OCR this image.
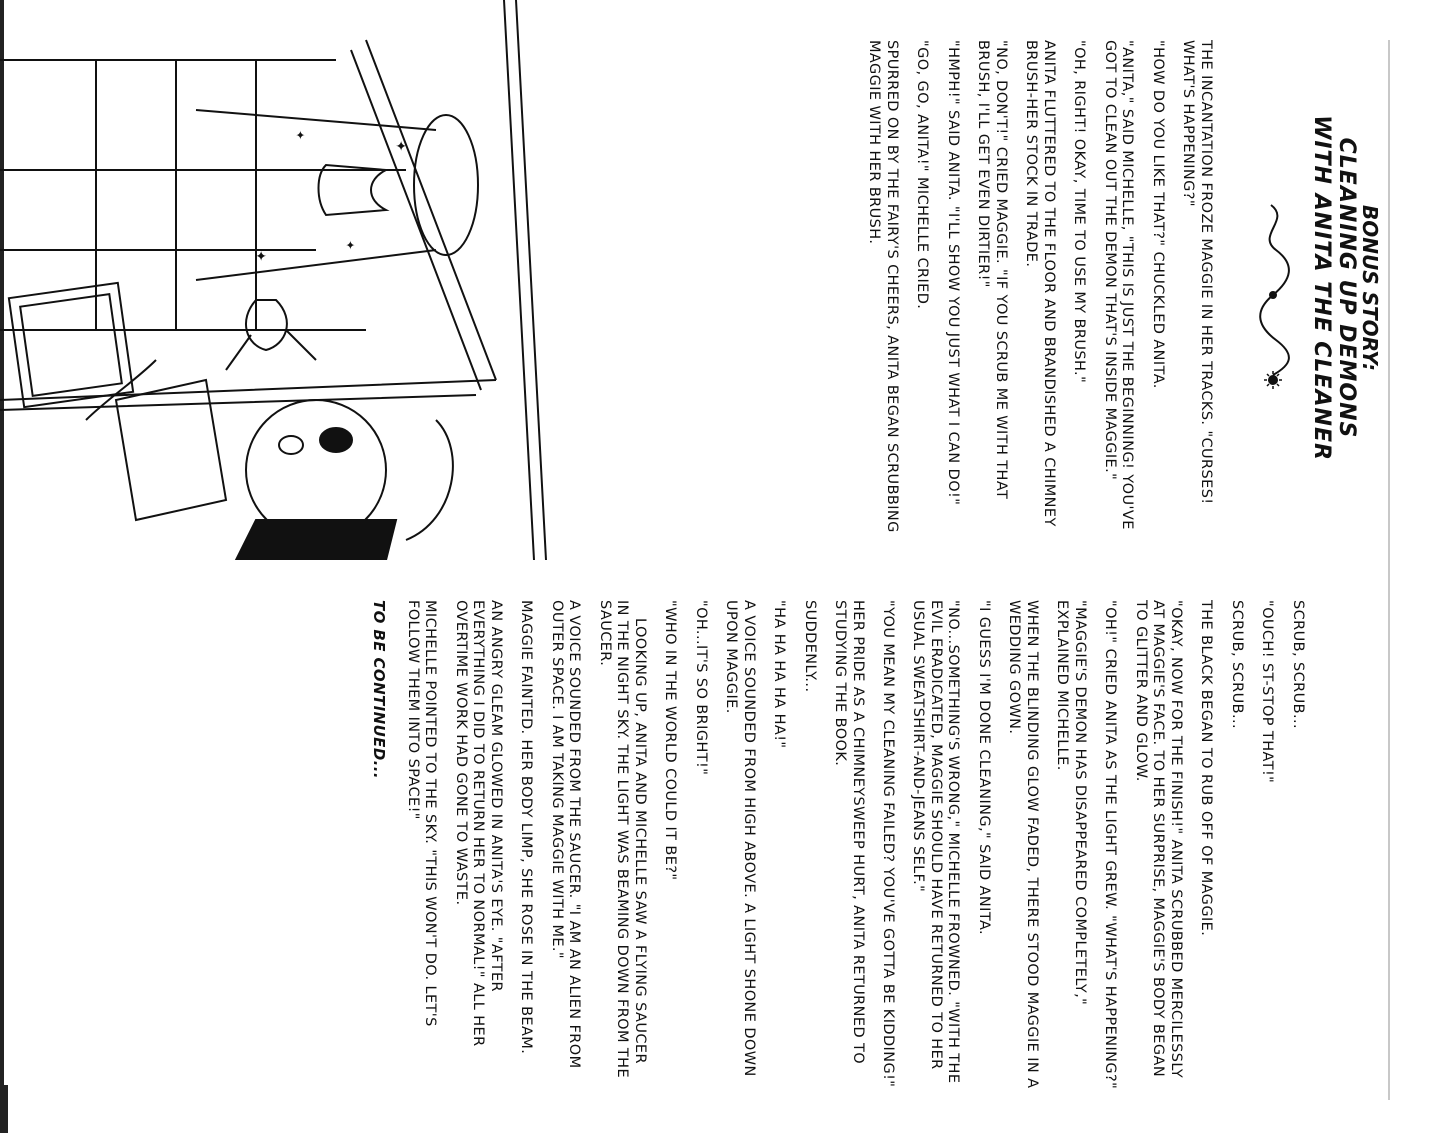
BONUS STORY:
CLEANING UP DEMONS
WITH ANITA THE CLEANER

THE INCANTATION FROZE MAGGIE IN HER TRACKS. "CURSES! WHAT'S HAPPENING?"

"HOW DO YOU LIKE THAT?" CHUCKLED ANITA.

"ANITA," SAID MICHELLE, "THIS IS JUST THE BEGINNING! YOU'VE GOT TO CLEAN OUT THE DEMON THAT'S INSIDE MAGGIE."

"OH, RIGHT! OKAY, TIME TO USE MY BRUSH."

ANITA FLUTTERED TO THE FLOOR AND BRANDISHED A CHIMNEY BRUSH-HER STOCK IN TRADE.

"NO, DON'T!" CRIED MAGGIE. "IF YOU SCRUB ME WITH THAT BRUSH, I'LL GET EVEN DIRTIER!"

"HMPH!" SAID ANITA. "I'LL SHOW YOU JUST WHAT I CAN DO!"

"GO, GO, ANITA!" MICHELLE CRIED.

SPURRED ON BY THE FAIRY'S CHEERS, ANITA BEGAN SCRUBBING MAGGIE WITH HER BRUSH.

SCRUB, SCRUB...

"OUCH! ST-STOP THAT!"

SCRUB, SCRUB...

THE BLACK BEGAN TO RUB OFF OF MAGGIE.

"OKAY, NOW FOR THE FINISH!" ANITA SCRUBBED MERCILESSLY AT MAGGIE'S FACE. TO HER SURPRISE, MAGGIE'S BODY BEGAN TO GLITTER AND GLOW.

"OH!" CRIED ANITA AS THE LIGHT GREW. "WHAT'S HAPPENING?"

"MAGGIE'S DEMON HAS DISAPPEARED COMPLETELY," EXPLAINED MICHELLE.

WHEN THE BLINDING GLOW FADED, THERE STOOD MAGGIE IN A WEDDING GOWN.

"I GUESS I'M DONE CLEANING," SAID ANITA.

"NO...SOMETHING'S WRONG," MICHELLE FROWNED. "WITH THE EVIL ERADICATED, MAGGIE SHOULD HAVE RETURNED TO HER USUAL SWEATSHIRT-AND-JEANS SELF."

"YOU MEAN MY CLEANING FAILED? YOU'VE GOTTA BE KIDDING!"

HER PRIDE AS A CHIMNEYSWEEP HURT, ANITA RETURNED TO STUDYING THE BOOK.

SUDDENLY...

"HA HA HA HA HA!"

A VOICE SOUNDED FROM HIGH ABOVE. A LIGHT SHONE DOWN UPON MAGGIE.

"OH...IT'S SO BRIGHT!"

"WHO IN THE WORLD COULD IT BE?"

LOOKING UP, ANITA AND MICHELLE SAW A FLYING SAUCER IN THE NIGHT SKY. THE LIGHT WAS BEAMING DOWN FROM THE SAUCER.

A VOICE SOUNDED FROM THE SAUCER. "I AM AN ALIEN FROM OUTER SPACE. I AM TAKING MAGGIE WITH ME."

MAGGIE FAINTED. HER BODY LIMP, SHE ROSE IN THE BEAM.

AN ANGRY GLEAM GLOWED IN ANITA'S EYE. "AFTER EVERYTHING I DID TO RETURN HER TO NORMAL!" ALL HER OVERTIME WORK HAD GONE TO WASTE.

MICHELLE POINTED TO THE SKY. "THIS WON'T DO. LET'S FOLLOW THEM INTO SPACE!"

TO BE CONTINUED...
✦
✦
✦
✦
